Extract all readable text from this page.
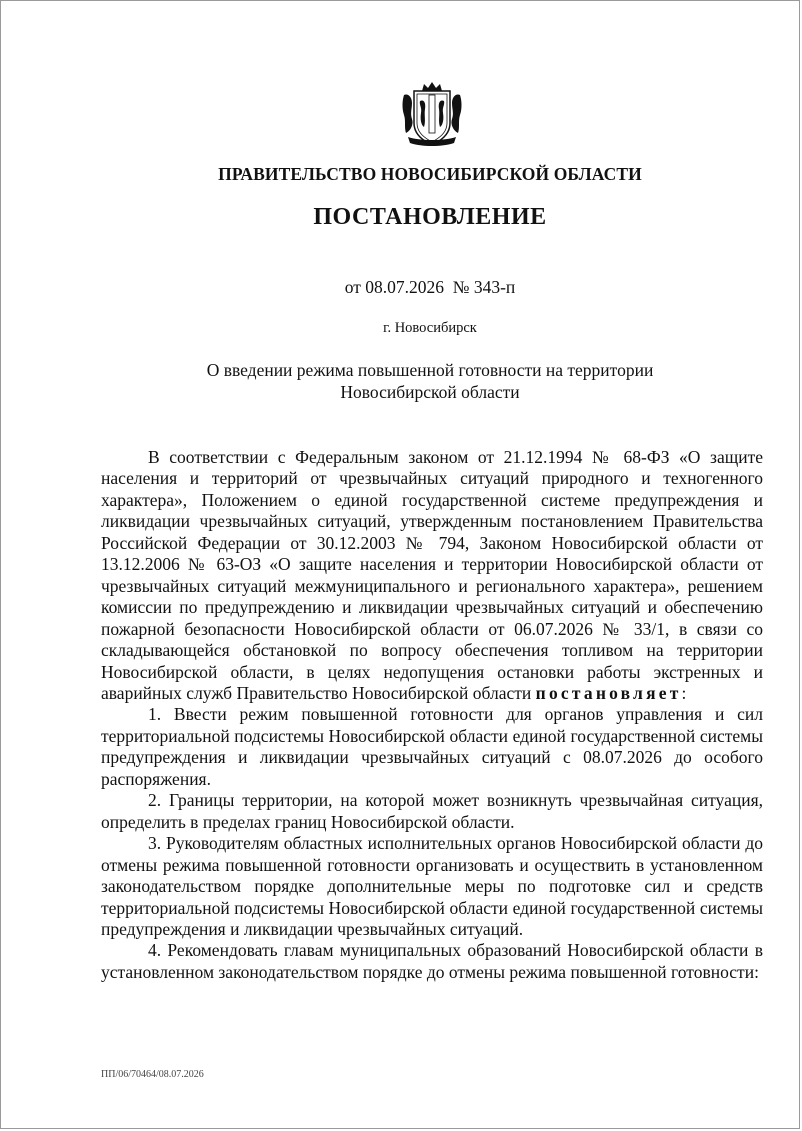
ПРАВИТЕЛЬСТВО НОВОСИБИРСКОЙ ОБЛАСТИ
ПОСТАНОВЛЕНИЕ
от 08.07.2026  № 343-п
г. Новосибирск
О введении режима повышенной готовности на территории
Новосибирской области

В соответствии с Федеральным законом от 21.12.1994 № 68-ФЗ «О защите населения и территорий от чрезвычайных ситуаций природного и техногенного характера», Положением о единой государственной системе предупреждения и ликвидации чрезвычайных ситуаций, утвержденным постановлением Правительства Российской Федерации от 30.12.2003 № 794, Законом Новосибирской области от 13.12.2006 № 63-ОЗ «О защите населения и территории Новосибирской области от чрезвычайных ситуаций межмуниципального и регионального характера», решением комиссии по предупреждению и ликвидации чрезвычайных ситуаций и обеспечению пожарной безопасности Новосибирской области от 06.07.2026 № 33/1, в связи со складывающейся обстановкой по вопросу обеспечения топливом на территории Новосибирской области, в целях недопущения остановки работы экстренных и аварийных служб Правительство Новосибирской области постановляет:

1. Ввести режим повышенной готовности для органов управления и сил территориальной подсистемы Новосибирской области единой государственной системы предупреждения и ликвидации чрезвычайных ситуаций с 08.07.2026 до особого распоряжения.

2. Границы территории, на которой может возникнуть чрезвычайная ситуация, определить в пределах границ Новосибирской области.

3. Руководителям областных исполнительных органов Новосибирской области до отмены режима повышенной готовности организовать и осуществить в установленном законодательством порядке дополнительные меры по подготовке сил и средств территориальной подсистемы Новосибирской области единой государственной системы предупреждения и ликвидации чрезвычайных ситуаций.

4. Рекомендовать главам муниципальных образований Новосибирской области в установленном законодательством порядке до отмены режима повышенной готовности:

ПП/06/70464/08.07.2026
